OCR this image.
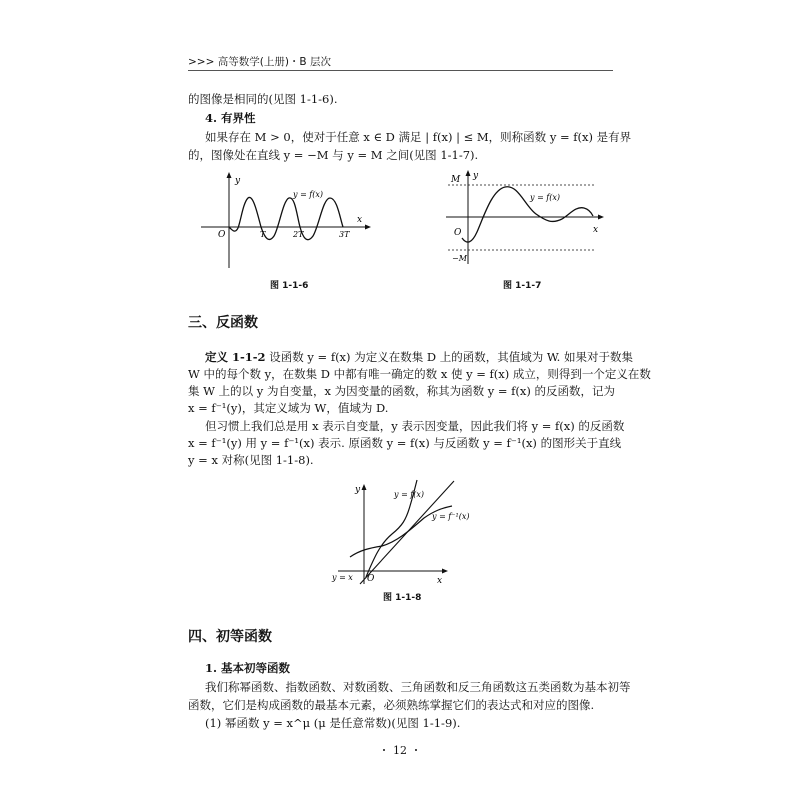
>>> 高等数学(上册)・B 层次
的图像是相同的(见图 1-1-6).
4. 有界性
如果存在 M > 0，使对于任意 x ∈ D 满足 | f(x) | ≤ M，则称函数 y = f(x) 是有界
的，图像处在直线 y = −M 与 y = M 之间(见图 1-1-7).
y
x
O	T	2T	3T
y = f(x)
图 1-1-6
y
x
O
M
−M
y = f(x)
图 1-1-7
三、反函数
定义 1-1-2 设函数 y = f(x) 为定义在数集 D 上的函数，其值域为 W. 如果对于数集
W 中的每个数 y，在数集 D 中都有唯一确定的数 x 使 y = f(x) 成立，则得到一个定义在数
集 W 上的以 y 为自变量，x 为因变量的函数，称其为函数 y = f(x) 的反函数，记为
x = f⁻¹(y)，其定义域为 W，值域为 D.
但习惯上我们总是用 x 表示自变量，y 表示因变量，因此我们将 y = f(x) 的反函数
x = f⁻¹(y) 用 y = f⁻¹(x) 表示. 原函数 y = f(x) 与反函数 y = f⁻¹(x) 的图形关于直线
y = x 对称(见图 1-1-8).
y
x
O
y = f(x)
y = f⁻¹(x)
y = x
图 1-1-8
四、初等函数
1. 基本初等函数
我们称幂函数、指数函数、对数函数、三角函数和反三角函数这五类函数为基本初等
函数，它们是构成函数的最基本元素，必须熟练掌握它们的表达式和对应的图像.
(1) 幂函数 y = x^μ (μ 是任意常数)(见图 1-1-9).
・ 12 ・
